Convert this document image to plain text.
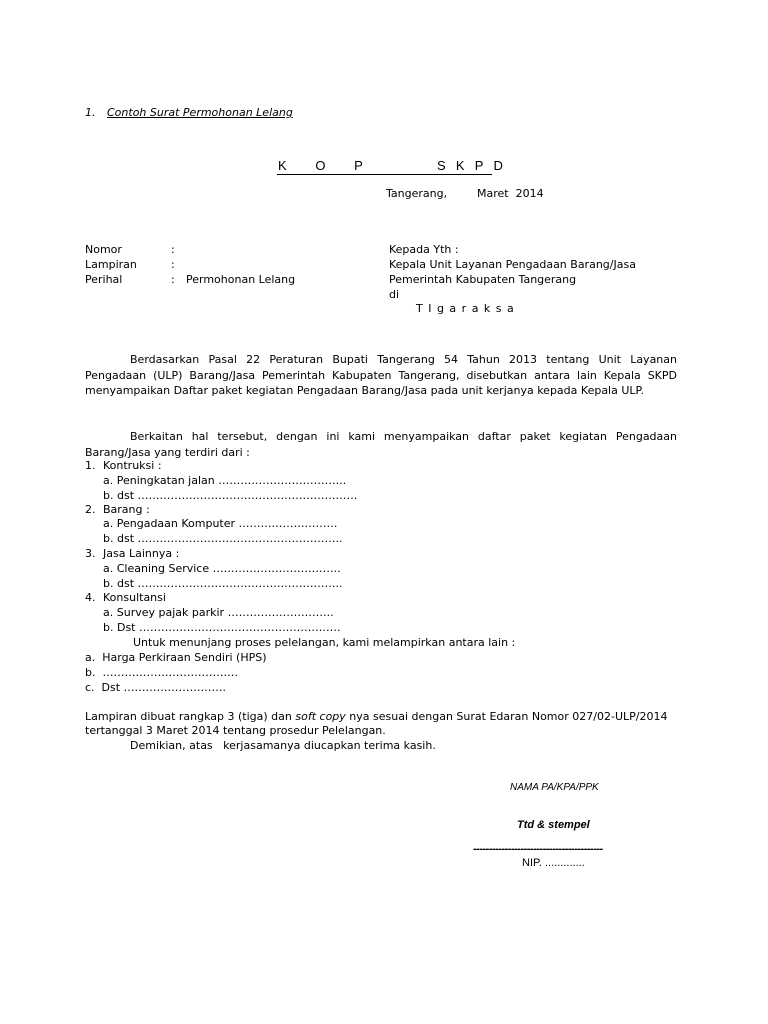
1. Contoh Surat Permohonan Lelang
K      O      P	S  K  P  D
Tangerang,	Maret  2014
Nomor	:
Lampiran	:
Perihal	: Permohonan Lelang
Kepada Yth :
Kepala Unit Layanan Pengadaan Barang/Jasa
Pemerintah Kabupaten Tangerang
di
T I g a r a k s a
Berdasarkan Pasal 22 Peraturan Bupati Tangerang 54 Tahun 2013 tentang Unit Layanan Pengadaan (ULP) Barang/Jasa Pemerintah Kabupaten Tangerang, disebutkan antara lain Kepala SKPD menyampaikan Daftar paket kegiatan Pengadaan Barang/Jasa pada unit kerjanya kepada Kepala ULP.
Berkaitan hal tersebut, dengan ini kami menyampaikan daftar paket kegiatan Pengadaan Barang/Jasa yang terdiri dari :
1. Kontruksi :
a. Peningkatan jalan ……………………………..
b. dst ……………………………………………………
2. Barang :
a. Pengadaan Komputer ………………………
b. dst ………………………………………………..
3. Jasa Lainnya :
a. Cleaning Service ……………………………..
b. dst ………………………………………………..
4. Konsultansi
a. Survey pajak parkir ………………………..
b. Dst ……………………………………………….
Untuk menunjang proses pelelangan, kami melampirkan antara lain :
a.  Harga Perkiraan Sendiri (HPS)
b.  ……………………………….
c.  Dst ……………………….
Lampiran dibuat rangkap 3 (tiga) dan soft copy nya sesuai dengan Surat Edaran Nomor 027/02-ULP/2014
tertanggal 3 Maret 2014 tentang prosedur Pelelangan.
Demikian, atas   kerjasamanya diucapkan terima kasih.
NAMA PA/KPA/PPK
Ttd & stempel
-----------------------------------------
NIP. .............
